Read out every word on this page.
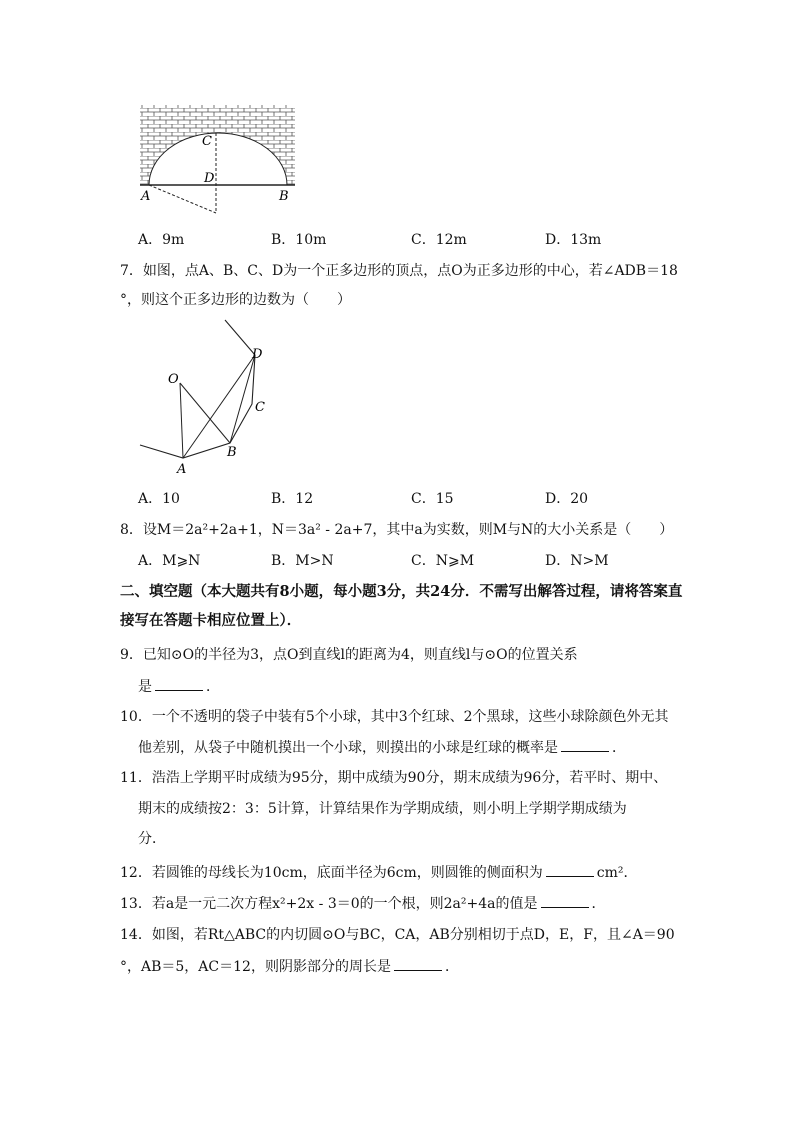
C
D
A	B
A．9m	B．10m	C．12m	D．13m
7．如图，点A、B、C、D为一个正多边形的顶点，点O为正多边形的中心，若∠ADB＝18
°，则这个正多边形的边数为（　　）
O
A
B
C
D
A．10	B．12	C．15	D．20
8．设M＝2a²+2a+1，N＝3a² - 2a+7，其中a为实数，则M与N的大小关系是（　　）
A．M⩾N	B．M>N	C．N⩾M	D．N>M
二、填空题（本大题共有8小题，每小题3分，共24分．不需写出解答过程，请将答案直
接写在答题卡相应位置上）．
9．已知⊙O的半径为3，点O到直线l的距离为4，则直线l与⊙O的位置关系
是	．
10．一个不透明的袋子中装有5个小球，其中3个红球、2个黑球，这些小球除颜色外无其
他差别，从袋子中随机摸出一个小球，则摸出的小球是红球的概率是	．
11．浩浩上学期平时成绩为95分，期中成绩为90分，期末成绩为96分，若平时、期中、
期末的成绩按2：3：5计算，计算结果作为学期成绩，则小明上学期学期成绩为
分．
12．若圆锥的母线长为10cm，底面半径为6cm，则圆锥的侧面积为	cm²．
13．若a是一元二次方程x²+2x - 3＝0的一个根，则2a²+4a的值是	．
14．如图，若Rt△ABC的内切圆⊙O与BC，CA，AB分别相切于点D，E，F，且∠A＝90
°，AB＝5，AC＝12，则阴影部分的周长是	．
